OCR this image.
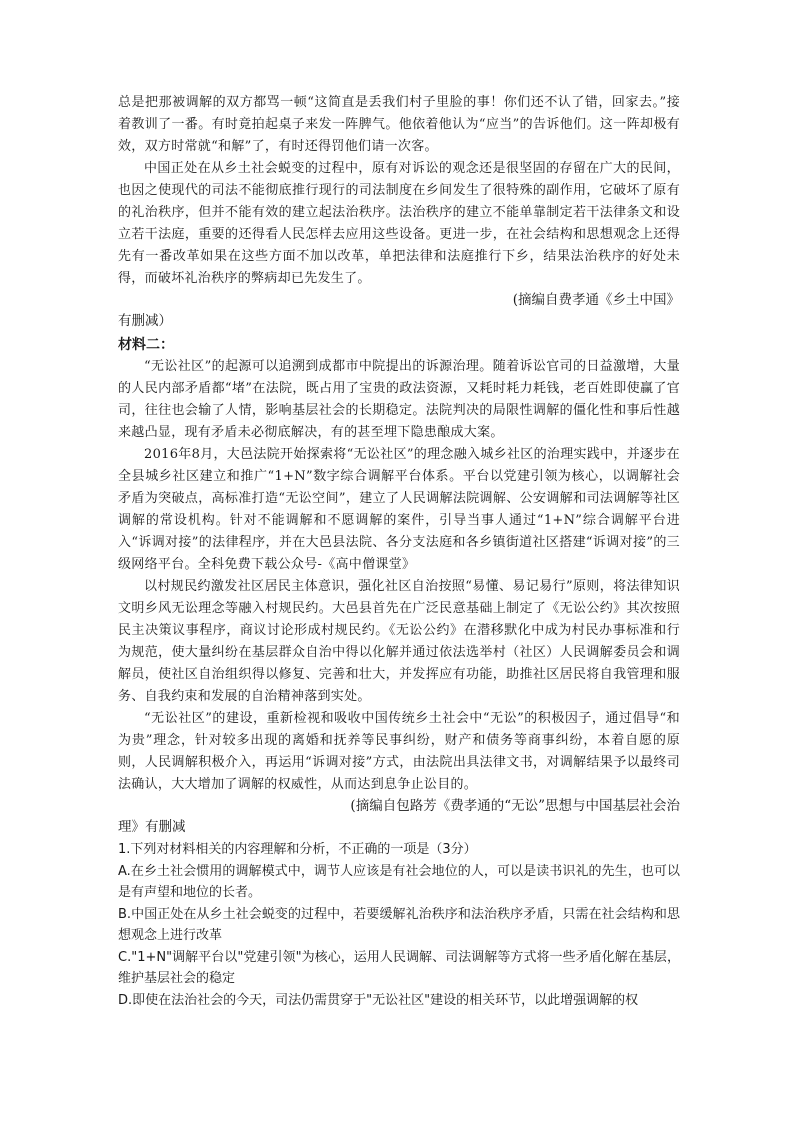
总是把那被调解的双方都骂一顿“这简直是丢我们村子里脸的事！你们还不认了错，回家去。”接着教训了一番。有时竟拍起桌子来发一阵脾气。他依着他认为“应当”的告诉他们。这一阵却极有效，双方时常就“和解”了，有时还得罚他们请一次客。

中国正处在从乡土社会蜕变的过程中，原有对诉讼的观念还是很坚固的存留在广大的民间，也因之使现代的司法不能彻底推行现行的司法制度在乡间发生了很特殊的副作用，它破坏了原有的礼治秩序，但并不能有效的建立起法治秩序。法治秩序的建立不能单靠制定若干法律条文和设立若干法庭，重要的还得看人民怎样去应用这些设备。更进一步，在社会结构和思想观念上还得先有一番改革如果在这些方面不加以改革，单把法律和法庭推行下乡，结果法治秩序的好处未得，而破坏礼治秩序的弊病却已先发生了。

(摘编自费孝通《乡土中国》

有删减）

材料二：

“无讼社区”的起源可以追溯到成都市中院提出的诉源治理。随着诉讼官司的日益激增，大量的人民内部矛盾都“堵”在法院，既占用了宝贵的政法资源，又耗时耗力耗钱，老百姓即使赢了官司，往往也会输了人情，影响基层社会的长期稳定。法院判决的局限性调解的僵化性和事后性越来越凸显，现有矛盾未必彻底解决，有的甚至埋下隐患酿成大案。

2016年8月，大邑法院开始探索将“无讼社区”的理念融入城乡社区的治理实践中，并逐步在全县城乡社区建立和推广“1+N”数字综合调解平台体系。平台以党建引领为核心，以调解社会矛盾为突破点，高标准打造“无讼空间”，建立了人民调解法院调解、公安调解和司法调解等社区调解的常设机构。针对不能调解和不愿调解的案件，引导当事人通过“1+N”综合调解平台进入“诉调对接”的法律程序，并在大邑县法院、各分支法庭和各乡镇街道社区搭建“诉调对接”的三级网络平台。全科免费下载公众号-《高中僧课堂》

以村规民约激发社区居民主体意识，强化社区自治按照“易懂、易记易行”原则，将法律知识文明乡风无讼理念等融入村规民约。大邑县首先在广泛民意基础上制定了《无讼公约》其次按照民主决策议事程序，商议讨论形成村规民约。《无讼公约》在潜移默化中成为村民办事标准和行为规范，使大量纠纷在基层群众自治中得以化解并通过依法选举村（社区）人民调解委员会和调解员，使社区自治组织得以修复、完善和壮大，并发挥应有功能，助推社区居民将自我管理和服务、自我约束和发展的自治精神落到实处。

“无讼社区”的建设，重新检视和吸收中国传统乡土社会中“无讼”的积极因子，通过倡导“和为贵”理念，针对较多出现的离婚和抚养等民事纠纷，财产和债务等商事纠纷，本着自愿的原则，人民调解积极介入，再运用“诉调对接”方式，由法院出具法律文书，对调解结果予以最终司法确认，大大增加了调解的权威性，从而达到息争止讼目的。

(摘编自包路芳《费孝通的“无讼”思想与中国基层社会治

理》有删减

1.下列对材料相关的内容理解和分析，不正确的一项是（3分）

A.在乡土社会惯用的调解模式中，调节人应该是有社会地位的人，可以是读书识礼的先生，也可以是有声望和地位的长者。

B.中国正处在从乡土社会蜕变的过程中，若要缓解礼治秩序和法治秩序矛盾，只需在社会结构和思想观念上进行改革

C."1+N"调解平台以"党建引领"为核心，运用人民调解、司法调解等方式将一些矛盾化解在基层，维护基层社会的稳定

D.即使在法治社会的今天，司法仍需贯穿于"无讼社区"建设的相关环节，以此增强调解的权
